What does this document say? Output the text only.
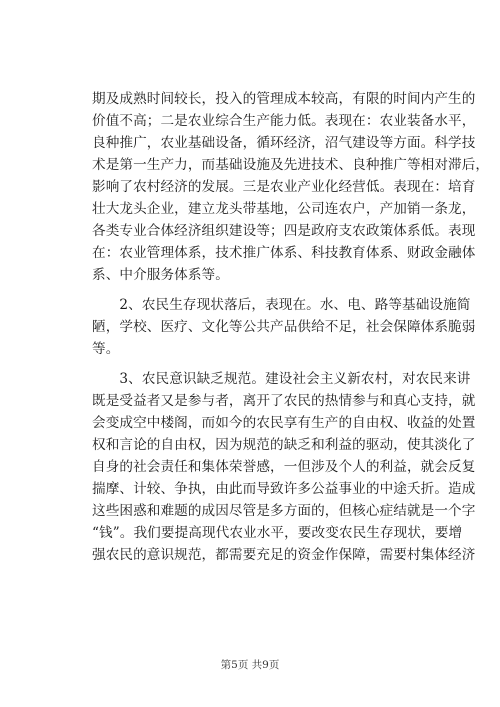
期及成熟时间较长，投入的管理成本较高，有限的时间内产生的
价值不高；二是农业综合生产能力低。表现在：农业装备水平，
良种推广，农业基础设备，循环经济，沼气建设等方面。科学技
术是第一生产力，而基础设施及先进技术、良种推广等相对滞后，
影响了农村经济的发展。三是农业产业化经营低。表现在：培育
壮大龙头企业，建立龙头带基地，公司连农户，产加销一条龙，
各类专业合体经济组织建设等；四是政府支农政策体系低。表现
在：农业管理体系，技术推广体系、科技教育体系、财政金融体
系、中介服务体系等。
　　2、农民生存现状落后，表现在。水、电、路等基础设施简
陋，学校、医疗、文化等公共产品供给不足，社会保障体系脆弱
等。
　　3、农民意识缺乏规范。建设社会主义新农村，对农民来讲
既是受益者又是参与者，离开了农民的热情参与和真心支持，就
会变成空中楼阁，而如今的农民享有生产的自由权、收益的处置
权和言论的自由权，因为规范的缺乏和利益的驱动，使其淡化了
自身的社会责任和集体荣誉感，一但涉及个人的利益，就会反复
揣摩、计较、争执，由此而导致许多公益事业的中途夭折。造成
这些困惑和难题的成因尽管是多方面的，但核心症结就是一个字
“钱”。我们要提高现代农业水平，要改变农民生存现状，要增
强农民的意识规范，都需要充足的资金作保障，需要村集体经济
第5页 共9页
